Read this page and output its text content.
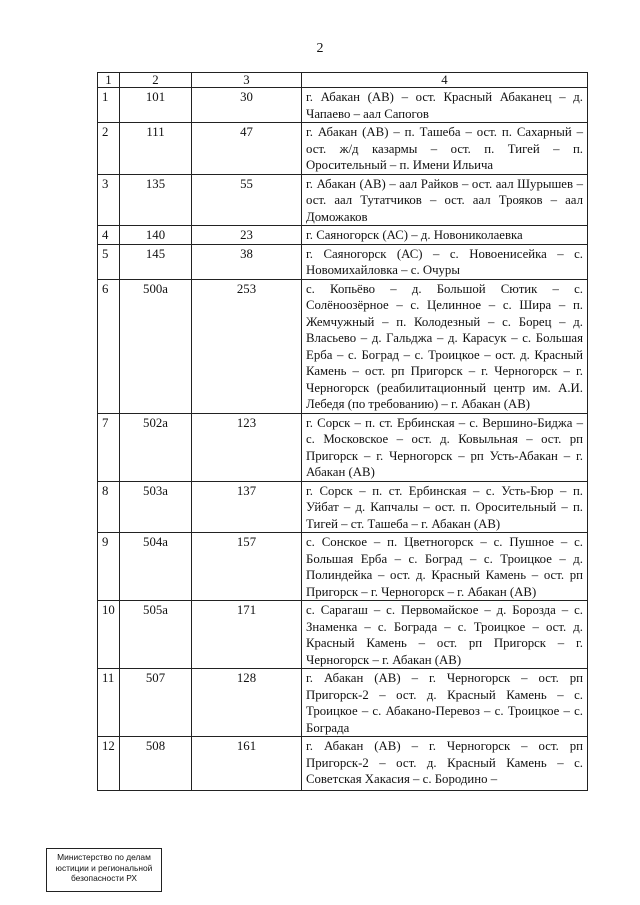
2
1	2	3	4
1	101	30	г. Абакан (АВ) – ост. Красный Абаканец – д. Чапаево – аал Сапогов
2	111	47	г. Абакан (АВ) – п. Ташеба – ост. п. Сахарный – ост. ж/д казармы – ост. п. Тигей – п. Оросительный – п. Имени Ильича
3	135	55	г. Абакан (АВ) – аал Райков – ост. аал Шурышев – ост. аал Тутатчиков – ост. аал Трояков – аал Доможаков
4	140	23	г. Саяногорск (АС) – д. Новониколаевка
5	145	38	г. Саяногорск (АС) – с. Новоенисейка – с. Новомихайловка – с. Очуры
6	500а	253	с. Копьёво – д. Большой Сютик – с. Солёноозёрное – с. Целинное – с. Шира – п. Жемчужный – п. Колодезный – с. Борец – д. Власьево – д. Гальджа – д. Карасук – с. Большая Ерба – с. Боград – с. Троицкое – ост. д. Красный Камень – ост. рп Пригорск – г. Черногорск – г. Черногорск (реабилитационный центр им. А.И. Лебедя (по требованию) – г. Абакан (АВ)
7	502а	123	г. Сорск – п. ст. Ербинская – с. Вершино-Биджа – с. Московское – ост. д. Ковыльная – ост. рп Пригорск – г. Черногорск – рп Усть-Абакан – г. Абакан (АВ)
8	503а	137	г. Сорск – п. ст. Ербинская – с. Усть-Бюр – п. Уйбат – д. Капчалы – ост. п. Оросительный – п. Тигей – ст. Ташеба – г. Абакан (АВ)
9	504а	157	с. Сонское – п. Цветногорск – с. Пушное – с. Большая Ерба – с. Боград – с. Троицкое – д. Полиндейка – ост. д. Красный Камень – ост. рп Пригорск – г. Черногорск – г. Абакан (АВ)
10	505а	171	с. Сарагаш – с. Первомайское – д. Борозда – с. Знаменка – с. Бограда – с. Троицкое – ост. д. Красный Камень – ост. рп Пригорск – г. Черногорск – г. Абакан (АВ)
11	507	128	г. Абакан (АВ) – г. Черногорск – ост. рп Пригорск-2 – ост. д. Красный Камень – с. Троицкое – с. Абакано-Перевоз – с. Троицкое – с. Бограда
12	508	161	г. Абакан (АВ) – г. Черногорск – ост. рп Пригорск-2 – ост. д. Красный Камень – с. Советская Хакасия – с. Бородино –
Министерство по делам
юстиции и региональной
безопасности РХ
